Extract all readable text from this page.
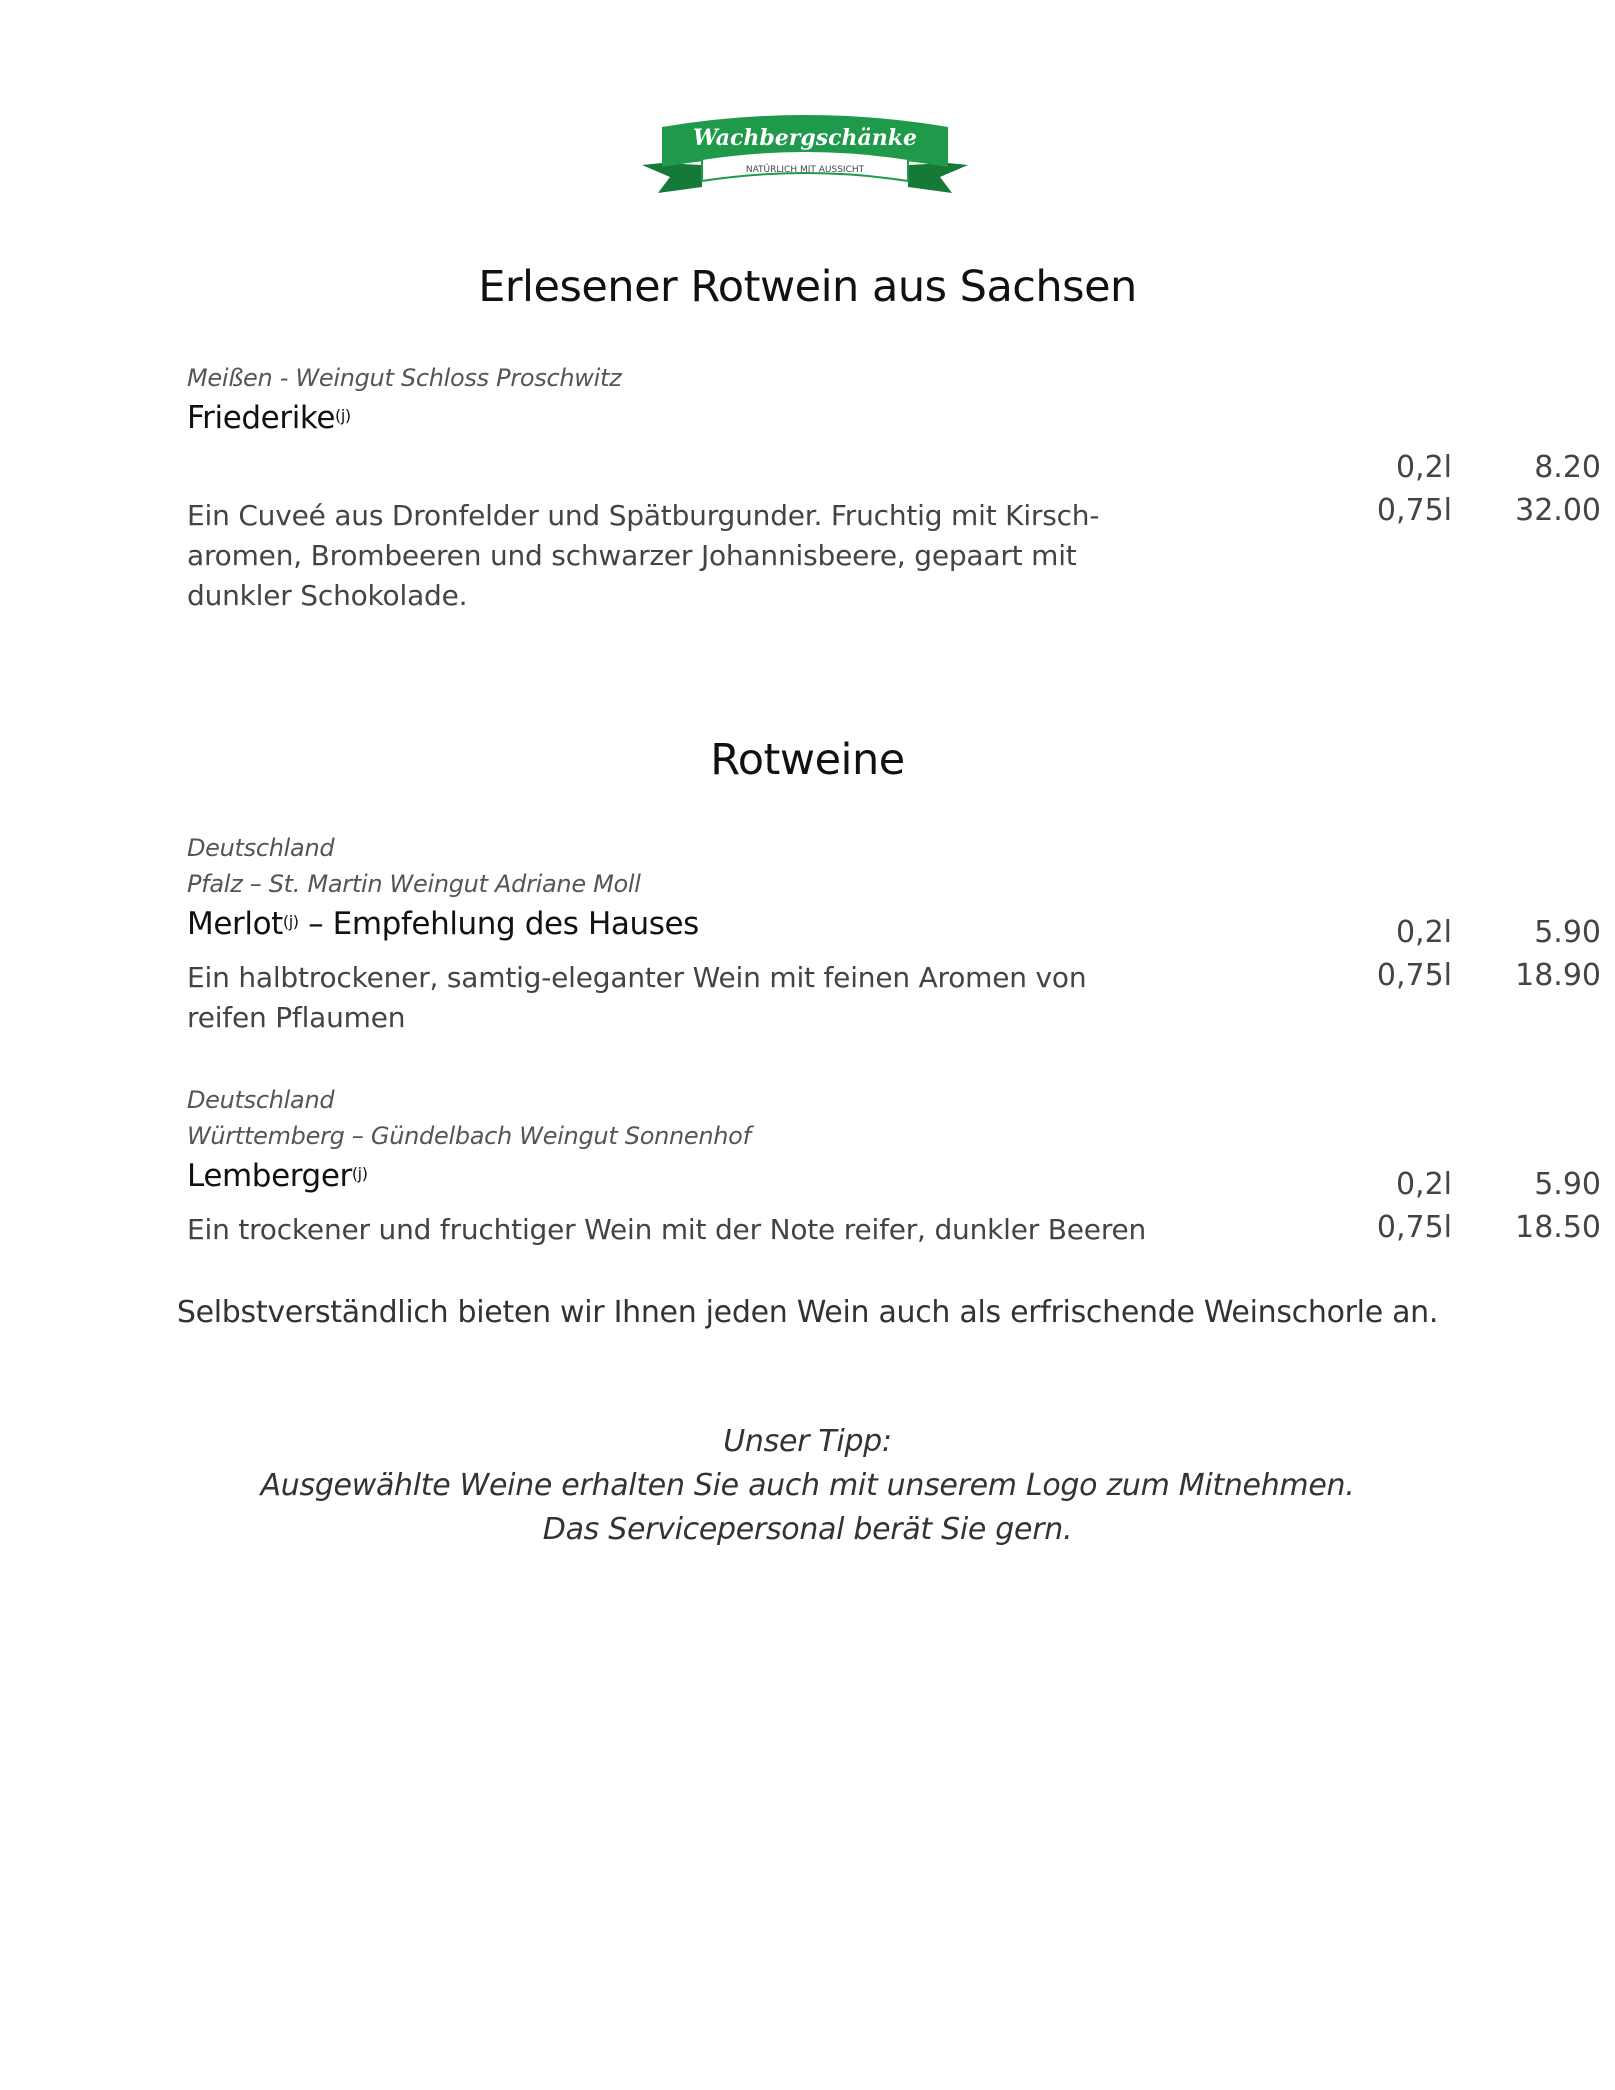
Wachbergschänke
NATÜRLICH MIT AUSSICHT
Erlesener Rotwein aus Sachsen
Meißen - Weingut Schloss Proschwitz
Friederike$^{(j)}$
Ein Cuveé aus Dronfelder und Spätburgunder. Fruchtig mit Kirsch-aromen, Brombeeren und schwarzer Johannisbeere, gepaart mit dunkler Schokolade.
0,2l	8.20
0,75l 32.00
Rotweine
Deutschland
Pfalz – St. Martin Weingut Adriane Moll
Merlot$^{(j)}$ – Empfehlung des Hauses
Ein halbtrockener, samtig-eleganter Wein mit feinen Aromen von reifen Pflaumen
0,2l	5.90
0,75l 18.90
Deutschland
Württemberg – Gündelbach Weingut Sonnenhof
Lemberger$^{(j)}$
Ein trockener und fruchtiger Wein mit der Note reifer, dunkler Beeren
0,2l	5.90
0,75l 18.50
Selbstverständlich bieten wir Ihnen jeden Wein auch als erfrischende Weinschorle an.
Unser Tipp:
Ausgewählte Weine erhalten Sie auch mit unserem Logo zum Mitnehmen.
Das Servicepersonal berät Sie gern.
